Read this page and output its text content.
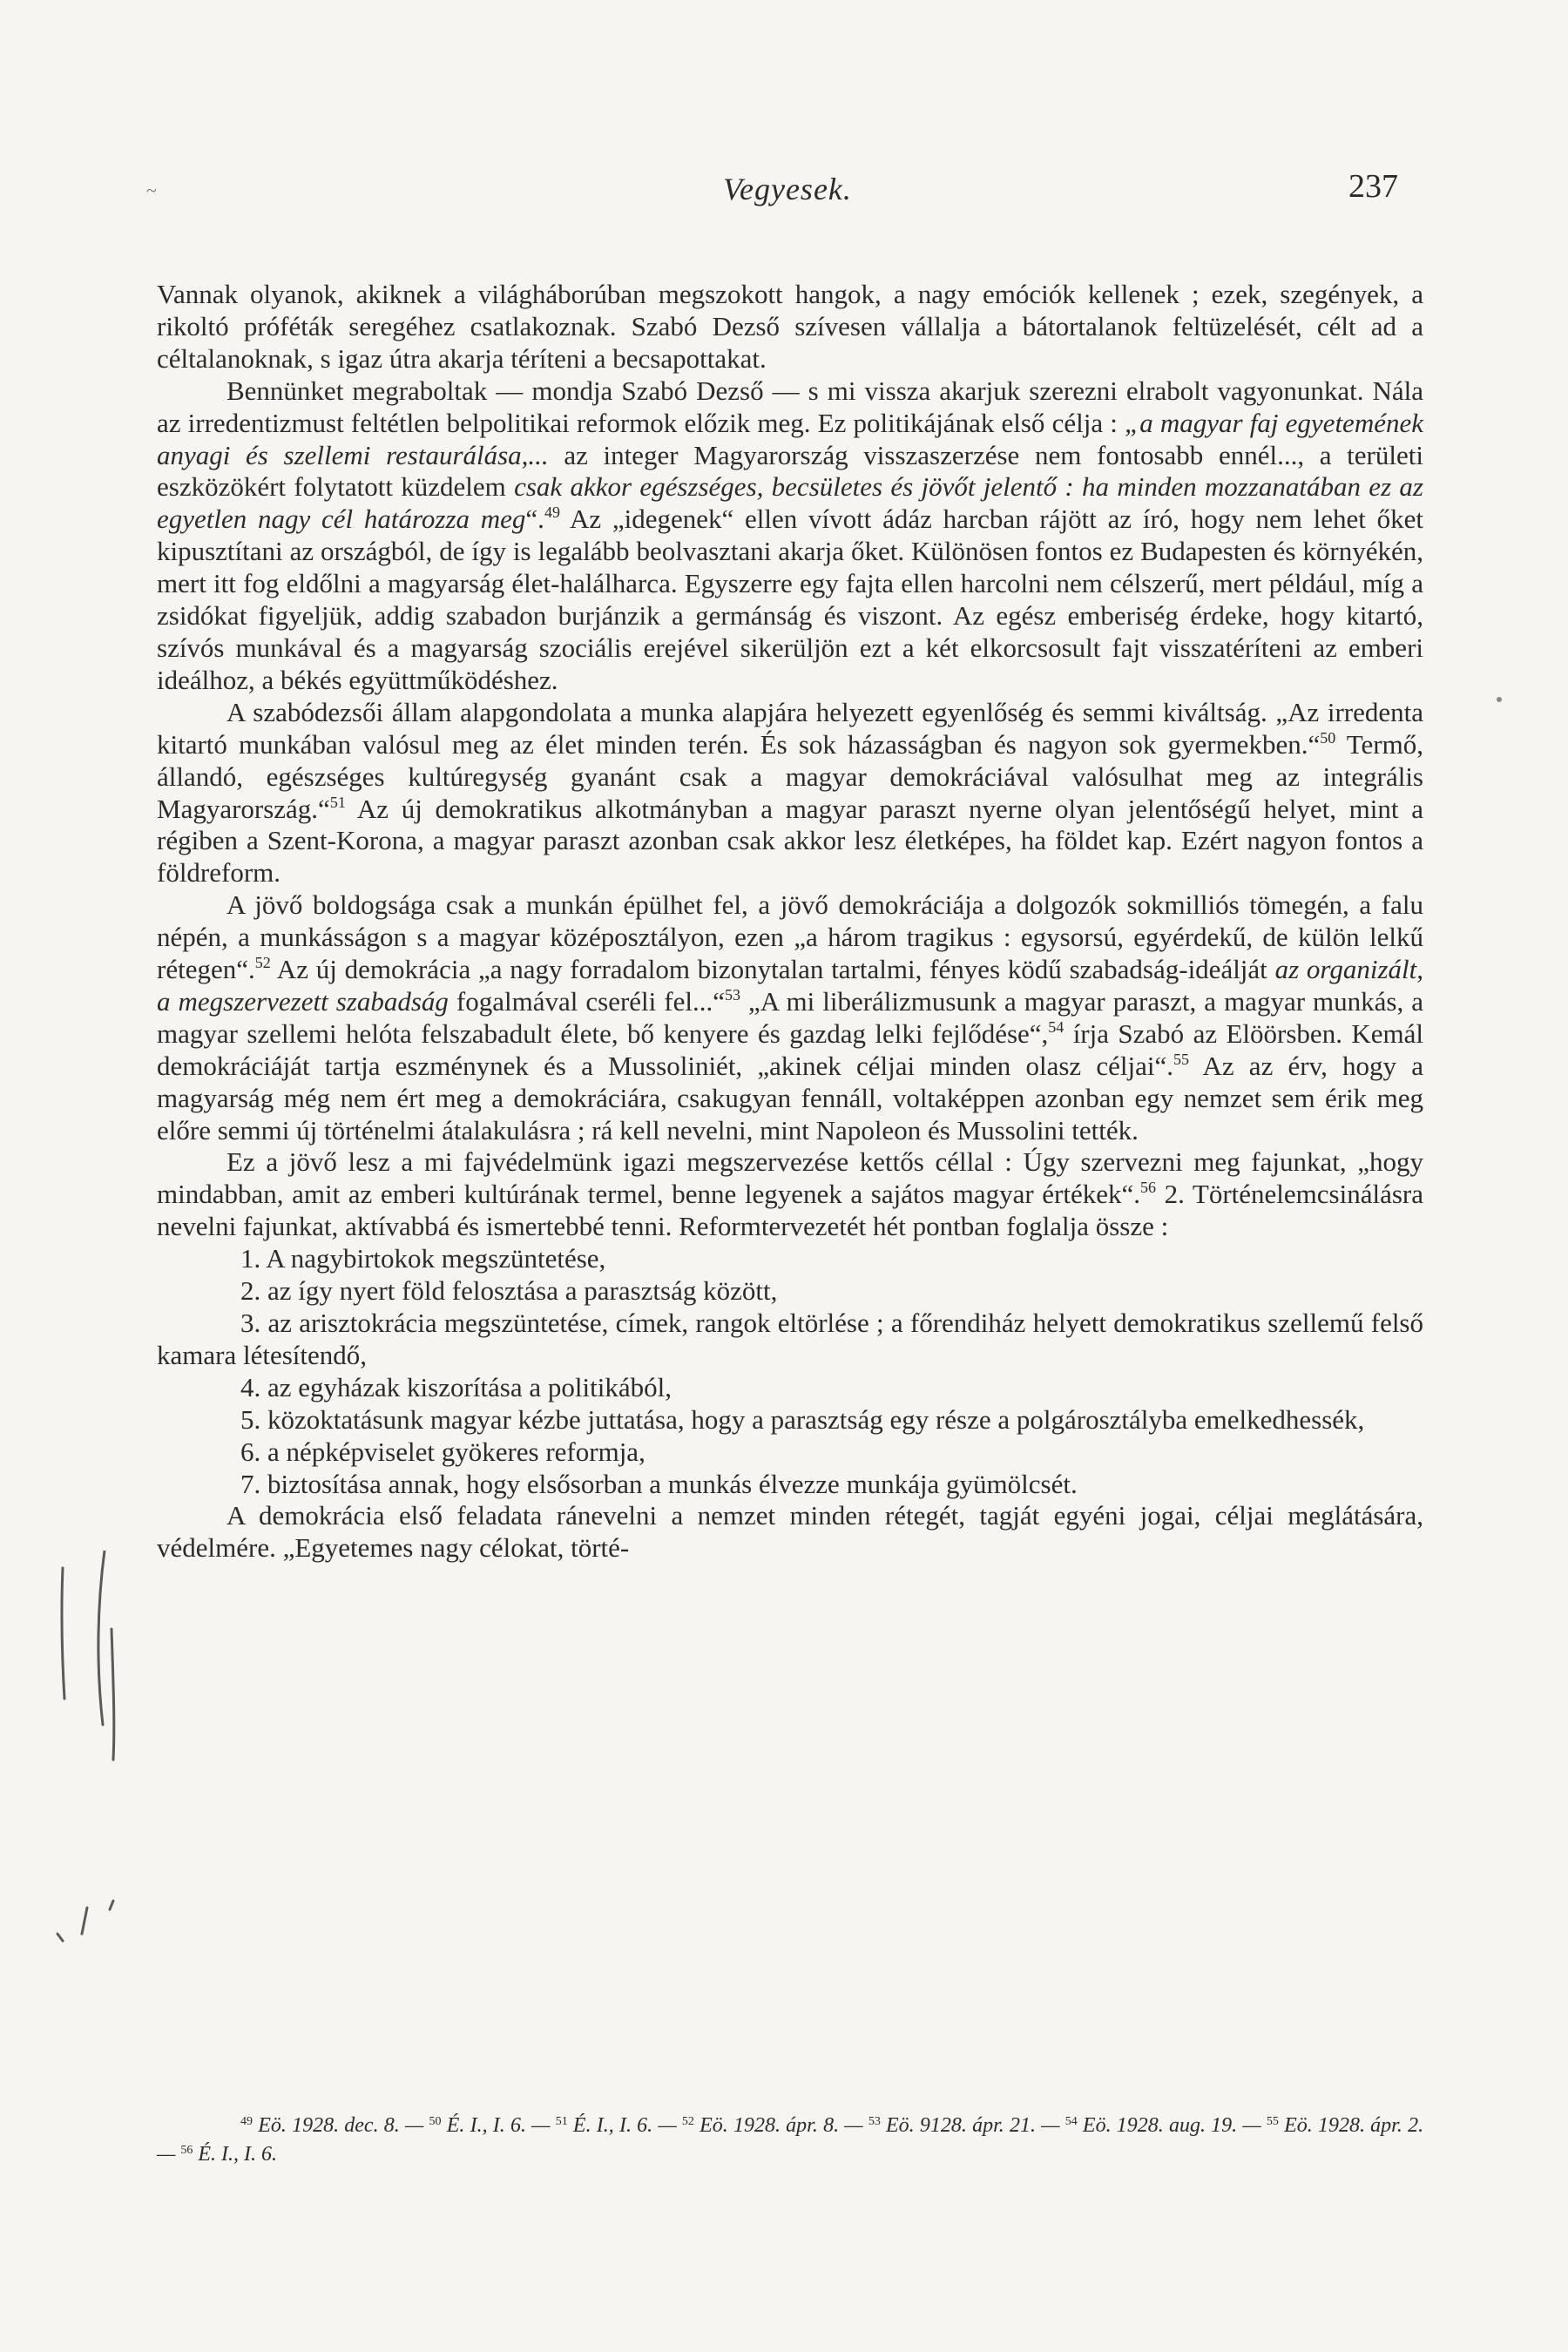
~	Vegyesek.	237

Vannak olyanok, akiknek a világháborúban megszokott hangok, a nagy emóciók kellenek ; ezek, szegények, a rikoltó próféták seregéhez csatlakoznak. Szabó Dezső szívesen vállalja a bátortalanok feltüzelését, célt ad a céltalanoknak, s igaz útra akarja téríteni a becsapottakat.

Bennünket megraboltak — mondja Szabó Dezső — s mi vissza akarjuk szerezni elrabolt vagyonunkat. Nála az irredentizmust feltétlen belpolitikai reformok előzik meg. Ez politikájának első célja : „a magyar faj egyetemének anyagi és szellemi restaurálása,... az integer Magyarország visszaszerzése nem fontosabb ennél..., a területi eszközökért folytatott küzdelem csak akkor egészséges, becsületes és jövőt jelentő : ha minden mozzanatában ez az egyetlen nagy cél határozza meg“.$^{49}$ Az „idegenek“ ellen vívott ádáz harcban rájött az író, hogy nem lehet őket kipusztítani az országból, de így is legalább beolvasztani akarja őket. Különösen fontos ez Budapesten és környékén, mert itt fog eldőlni a magyarság élet-halálharca. Egyszerre egy fajta ellen harcolni nem célszerű, mert például, míg a zsidókat figyeljük, addig szabadon burjánzik a germánság és viszont. Az egész emberiség érdeke, hogy kitartó, szívós munkával és a magyarság szociális erejével sikerüljön ezt a két elkorcsosult fajt visszatéríteni az emberi ideálhoz, a békés együttműködéshez.

A szabódezsői állam alapgondolata a munka alapjára helyezett egyenlőség és semmi kiváltság. „Az irredenta kitartó munkában valósul meg az élet minden terén. És sok házasságban és nagyon sok gyermekben.“$^{50}$ Termő, állandó, egészséges kultúregység gyanánt csak a magyar demokráciával valósulhat meg az integrális Magyarország.“$^{51}$ Az új demokratikus alkotmányban a magyar paraszt nyerne olyan jelentőségű helyet, mint a régiben a Szent-Korona, a magyar paraszt azonban csak akkor lesz életképes, ha földet kap. Ezért nagyon fontos a földreform.

A jövő boldogsága csak a munkán épülhet fel, a jövő demokráciája a dolgozók sokmilliós tömegén, a falu népén, a munkásságon s a magyar középosztályon, ezen „a három tragikus : egysorsú, egyérdekű, de külön lelkű rétegen“.$^{52}$ Az új demokrácia „a nagy forradalom bizonytalan tartalmi, fényes ködű szabadság-ideálját az organizált, a megszervezett szabadság fogalmával cseréli fel...“$^{53}$ „A mi liberálizmusunk a magyar paraszt, a magyar munkás, a magyar szellemi helóta felszabadult élete, bő kenyere és gazdag lelki fejlődése“,$^{54}$ írja Szabó az Elöörsben. Kemál demokráciáját tartja eszménynek és a Mussoliniét, „akinek céljai minden olasz céljai“.$^{55}$ Az az érv, hogy a magyarság még nem ért meg a demokráciára, csakugyan fennáll, voltaképpen azonban egy nemzet sem érik meg előre semmi új történelmi átalakulásra ; rá kell nevelni, mint Napoleon és Mussolini tették.

Ez a jövő lesz a mi fajvédelmünk igazi megszervezése kettős céllal : Úgy szervezni meg fajunkat, „hogy mindabban, amit az emberi kultúrának termel, benne legyenek a sajátos magyar értékek“.$^{56}$ 2. Történelemcsinálásra nevelni fajunkat, aktívabbá és ismertebbé tenni. Reformtervezetét hét pontban foglalja össze :

1. A nagybirtokok megszüntetése,

2. az így nyert föld felosztása a parasztság között,

3. az arisztokrácia megszüntetése, címek, rangok eltörlése ; a főrendiház helyett demokratikus szellemű felső kamara létesítendő,

4. az egyházak kiszorítása a politikából,

5. közoktatásunk magyar kézbe juttatása, hogy a parasztság egy része a polgárosztályba emelkedhessék,

6. a népképviselet gyökeres reformja,

7. biztosítása annak, hogy elsősorban a munkás élvezze munkája gyümölcsét.

A demokrácia első feladata ránevelni a nemzet minden rétegét, tagját egyéni jogai, céljai meglátására, védelmére. „Egyetemes nagy célokat, törté-

$^{49}$ Eö. 1928. dec. 8. — $^{50}$ É. I., I. 6. — $^{51}$ É. I., I. 6. — $^{52}$ Eö. 1928. ápr. 8. — $^{53}$ Eö. 9128. ápr. 21. — $^{54}$ Eö. 1928. aug. 19. — $^{55}$ Eö. 1928. ápr. 2. — $^{56}$ É. I., I. 6.
